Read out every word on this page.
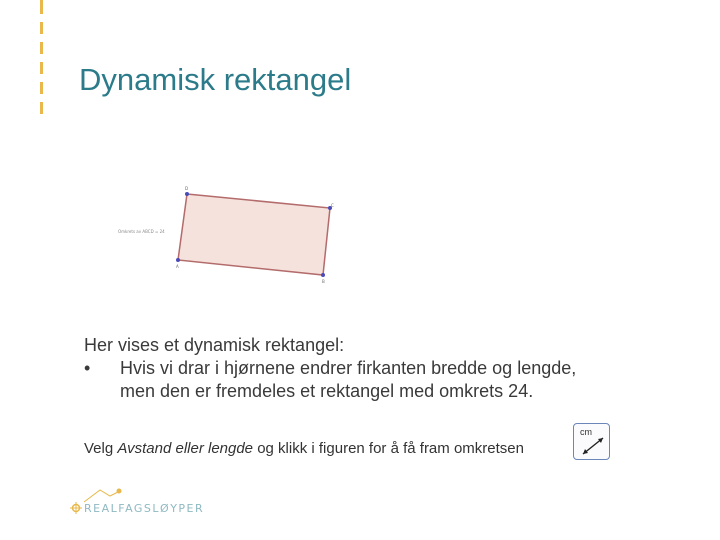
Dynamisk rektangel
Omkrets av ABCD = 24
A
B
C
D

Her vises et dynamisk rektangel:

• Hvis vi drar i hjørnene endrer firkanten bredde og lengde,
men den er fremdeles et rektangel med omkrets 24.

Velg Avstand eller lengde og klikk i figuren for å få fram omkretsen

cm
REALFAGSLØYPER
